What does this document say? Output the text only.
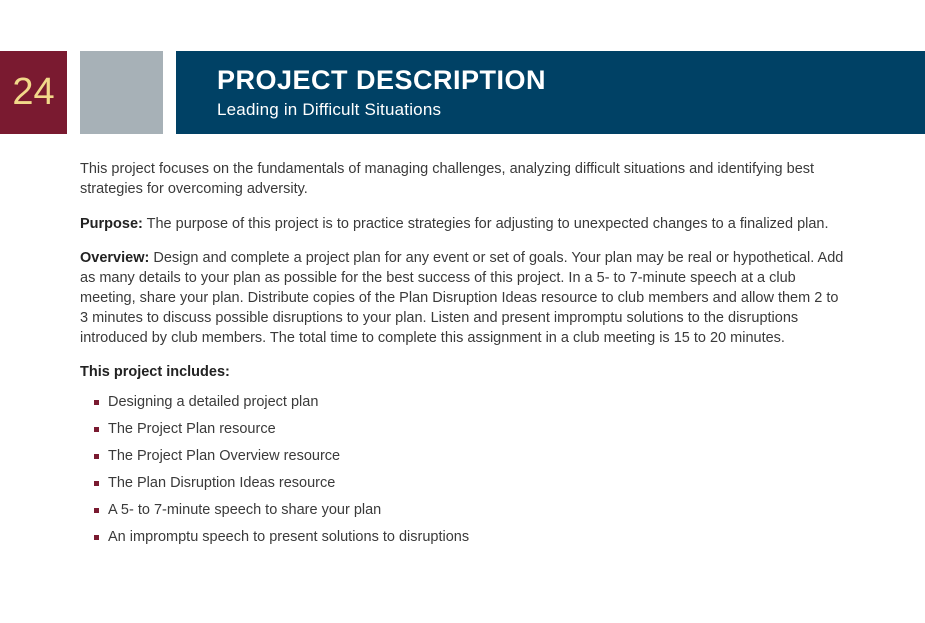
24	PROJECT DESCRIPTION
Leading in Difficult Situations

This project focuses on the fundamentals of managing challenges, analyzing difficult situations and identifying best strategies for overcoming adversity.

Purpose: The purpose of this project is to practice strategies for adjusting to unexpected changes to a finalized plan.

Overview: Design and complete a project plan for any event or set of goals. Your plan may be real or hypothetical. Add as many details to your plan as possible for the best success of this project. In a 5- to 7-minute speech at a club meeting, share your plan. Distribute copies of the Plan Disruption Ideas resource to club members and allow them 2 to 3 minutes to discuss possible disruptions to your plan. Listen and present impromptu solutions to the disruptions introduced by club members. The total time to complete this assignment in a club meeting is 15 to 20 minutes.

This project includes:
Designing a detailed project plan
The Project Plan resource
The Project Plan Overview resource
The Plan Disruption Ideas resource
A 5- to 7-minute speech to share your plan
An impromptu speech to present solutions to disruptions
